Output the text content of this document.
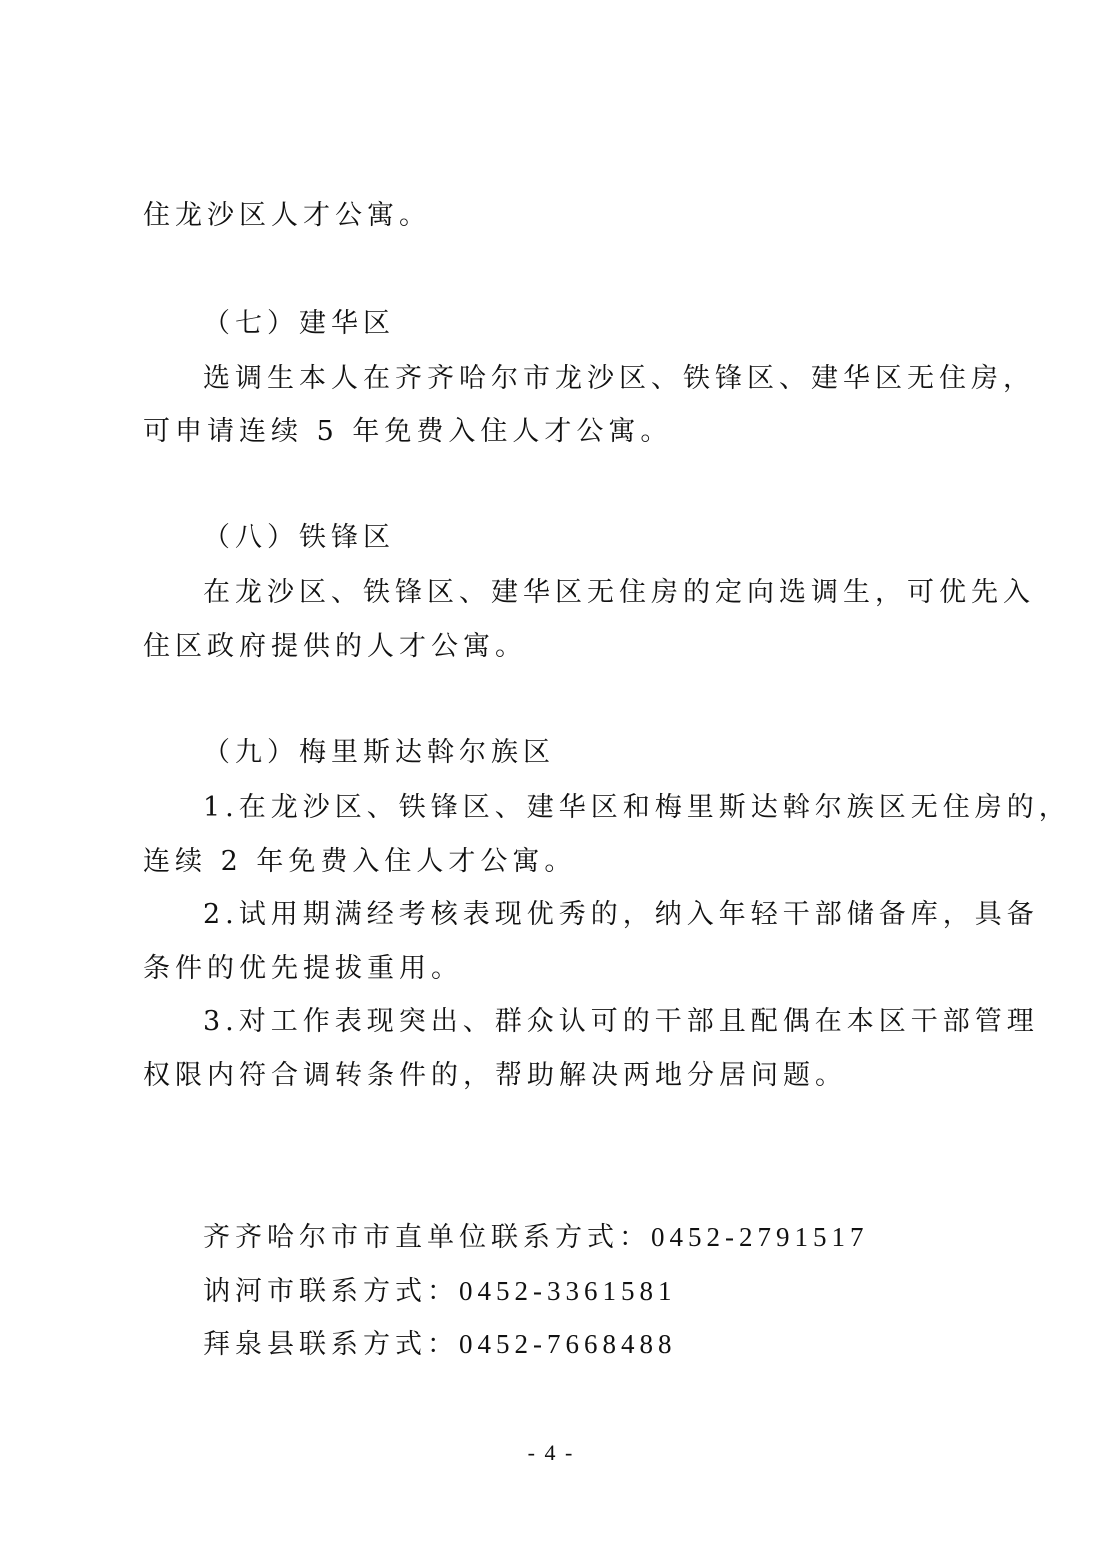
住龙沙区人才公寓。
（七）建华区
选调生本人在齐齐哈尔市龙沙区、铁锋区、建华区无住房，
可申请连续 5 年免费入住人才公寓。
（八）铁锋区
在龙沙区、铁锋区、建华区无住房的定向选调生，可优先入
住区政府提供的人才公寓。
（九）梅里斯达斡尔族区
1.在龙沙区、铁锋区、建华区和梅里斯达斡尔族区无住房的，
连续 2 年免费入住人才公寓。
2.试用期满经考核表现优秀的，纳入年轻干部储备库，具备
条件的优先提拔重用。
3.对工作表现突出、群众认可的干部且配偶在本区干部管理
权限内符合调转条件的，帮助解决两地分居问题。
齐齐哈尔市市直单位联系方式：0452-2791517
讷河市联系方式：0452-3361581
拜泉县联系方式：0452-7668488
- 4 -
